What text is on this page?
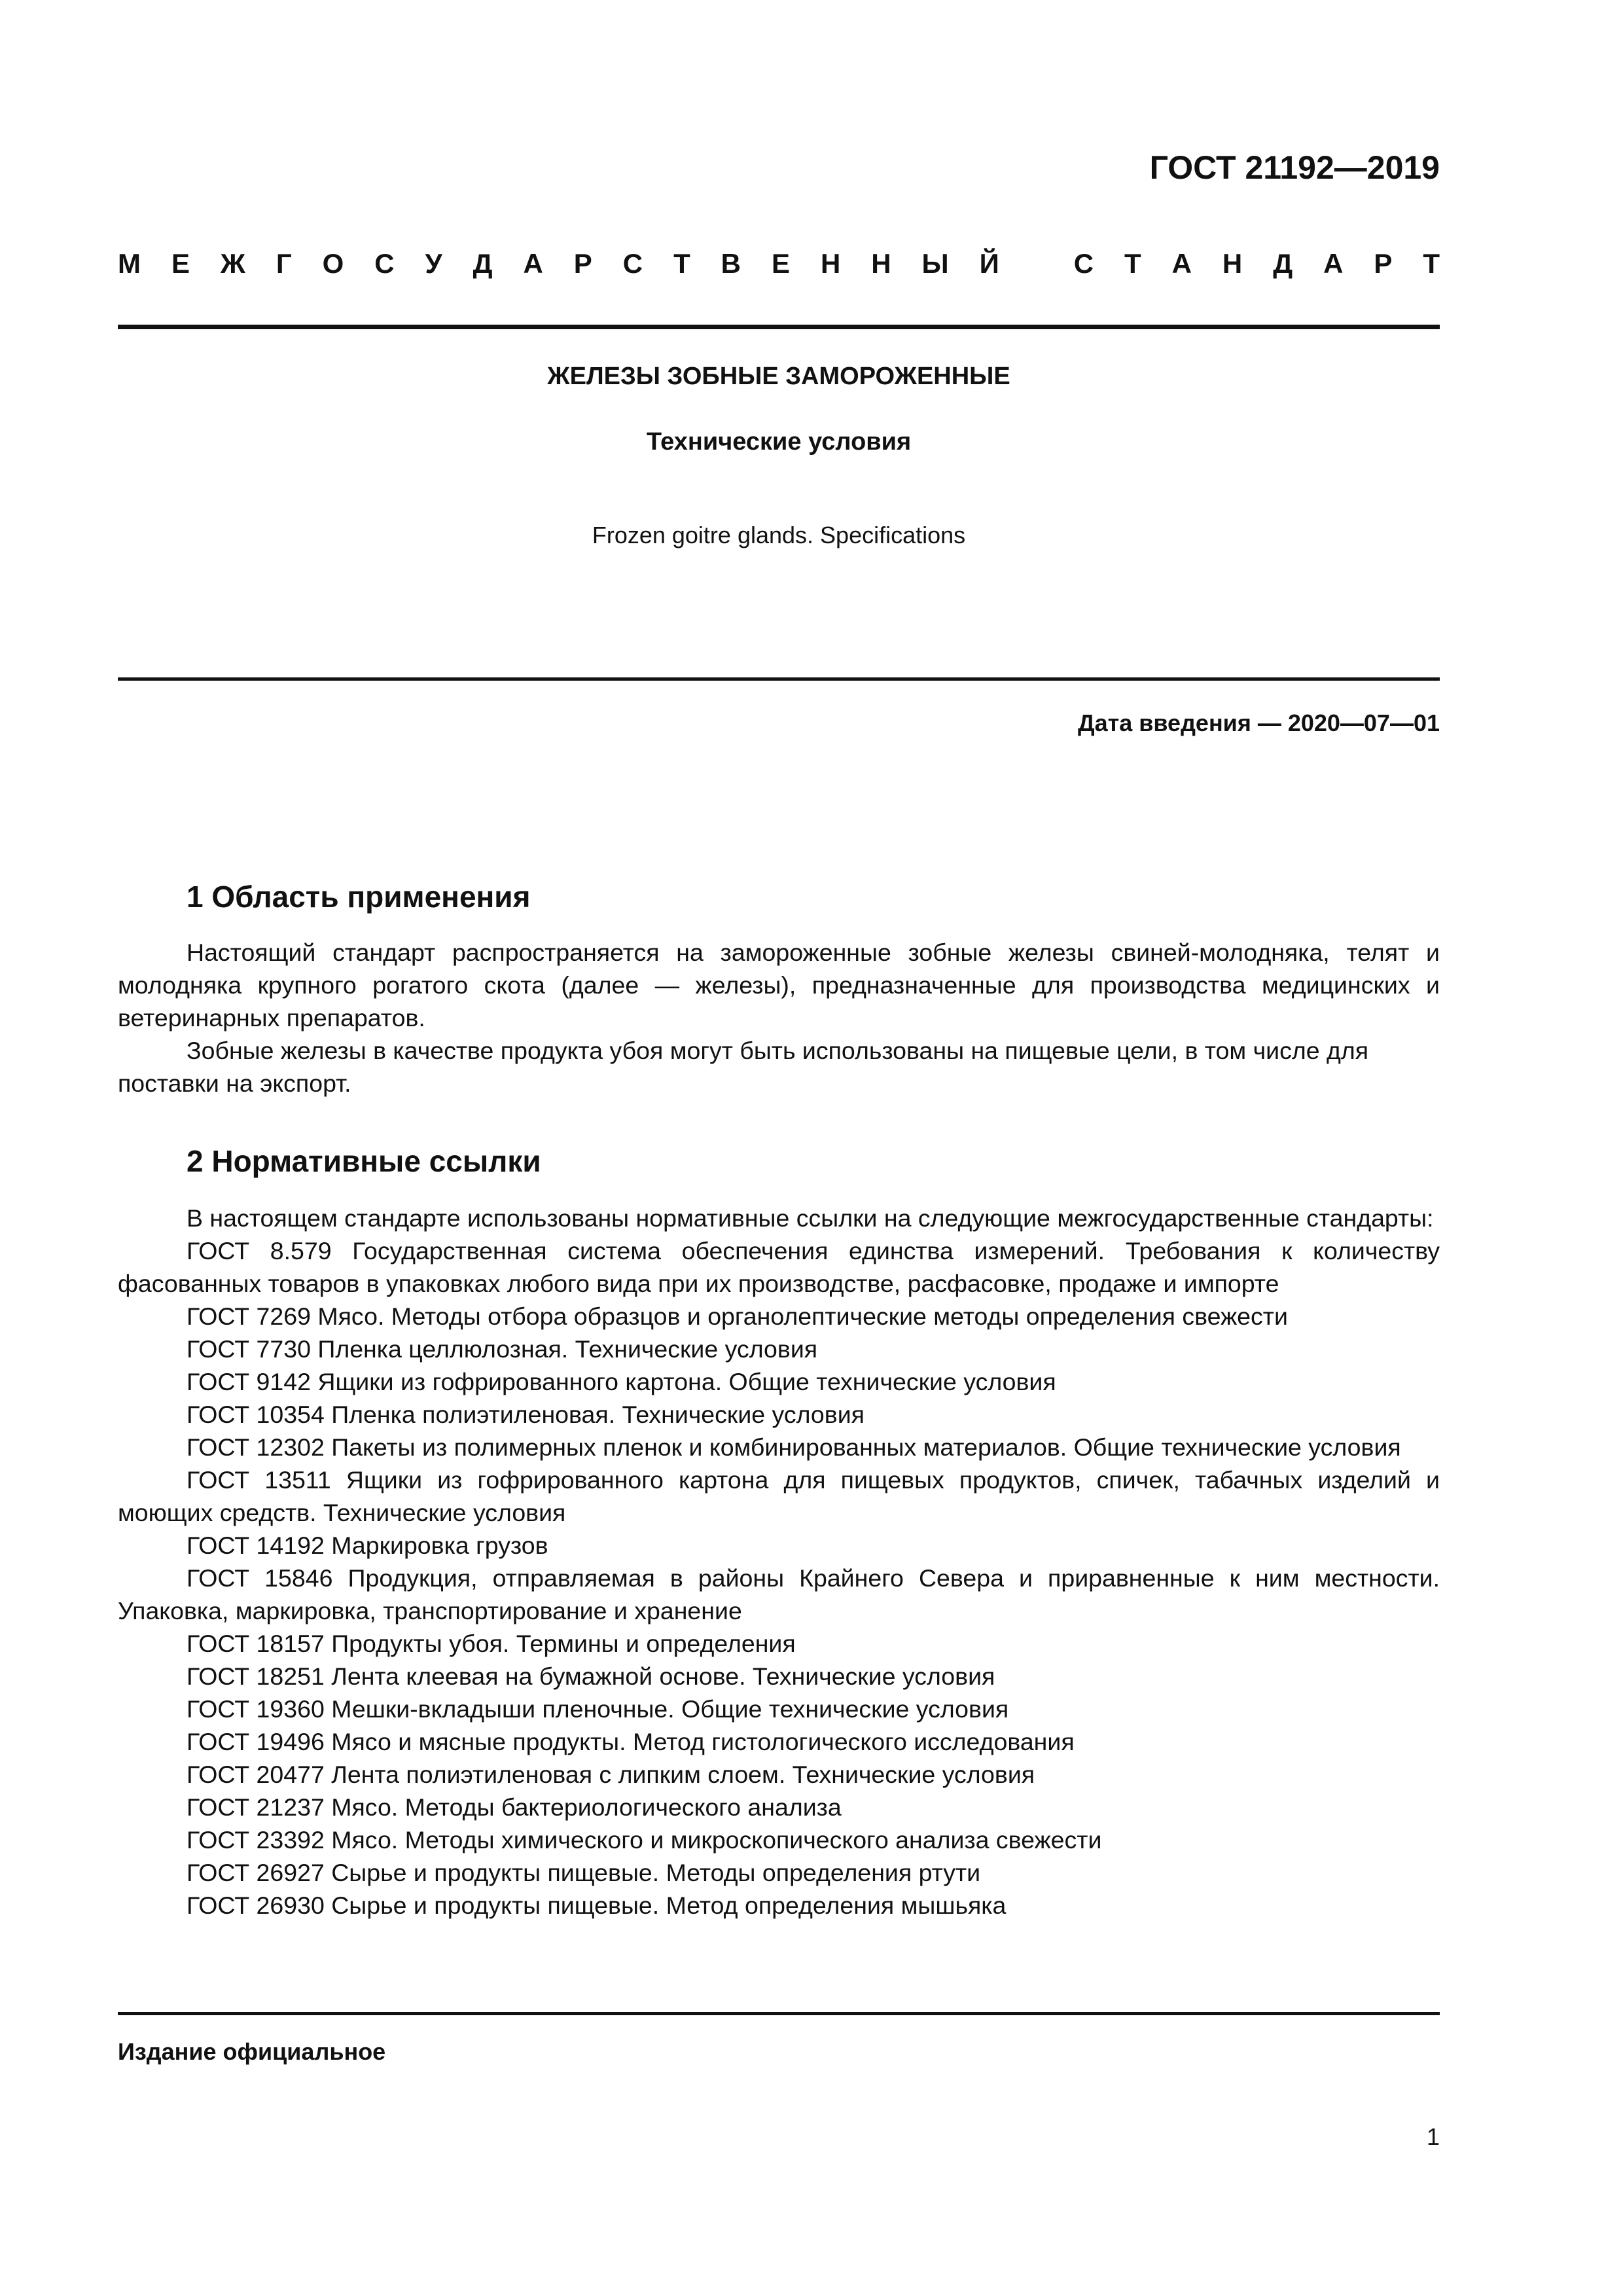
ГОСТ 21192—2019
М Е Ж Г О С У Д А Р С Т В Е Н Н Ы Й	С Т А Н Д А Р Т
ЖЕЛЕЗЫ ЗОБНЫЕ ЗАМОРОЖЕННЫЕ
Технические условия
Frozen goitre glands. Specifications
Дата введения — 2020—07—01
1 Область применения

Настоящий стандарт распространяется на замороженные зобные железы свиней-молодняка, телят и молодняка крупного рогатого скота (далее — железы), предназначенные для производства медицинских и ветеринарных препаратов.

Зобные железы в качестве продукта убоя могут быть использованы на пищевые цели, в том числе для поставки на экспорт.

2 Нормативные ссылки

В настоящем стандарте использованы нормативные ссылки на следующие межгосударственные стандарты:

ГОСТ 8.579 Государственная система обеспечения единства измерений. Требования к количеству фасованных товаров в упаковках любого вида при их производстве, расфасовке, продаже и импорте

ГОСТ 7269 Мясо. Методы отбора образцов и органолептические методы определения свежести

ГОСТ 7730 Пленка целлюлозная. Технические условия

ГОСТ 9142 Ящики из гофрированного картона. Общие технические условия

ГОСТ 10354 Пленка полиэтиленовая. Технические условия

ГОСТ 12302 Пакеты из полимерных пленок и комбинированных материалов. Общие технические условия

ГОСТ 13511 Ящики из гофрированного картона для пищевых продуктов, спичек, табачных изделий и моющих средств. Технические условия

ГОСТ 14192 Маркировка грузов

ГОСТ 15846 Продукция, отправляемая в районы Крайнего Севера и приравненные к ним местности. Упаковка, маркировка, транспортирование и хранение

ГОСТ 18157 Продукты убоя. Термины и определения

ГОСТ 18251 Лента клеевая на бумажной основе. Технические условия

ГОСТ 19360 Мешки-вкладыши пленочные. Общие технические условия

ГОСТ 19496 Мясо и мясные продукты. Метод гистологического исследования

ГОСТ 20477 Лента полиэтиленовая с липким слоем. Технические условия

ГОСТ 21237 Мясо. Методы бактериологического анализа

ГОСТ 23392 Мясо. Методы химического и микроскопического анализа свежести

ГОСТ 26927 Сырье и продукты пищевые. Методы определения ртути

ГОСТ 26930 Сырье и продукты пищевые. Метод определения мышьяка

Издание официальное
1
